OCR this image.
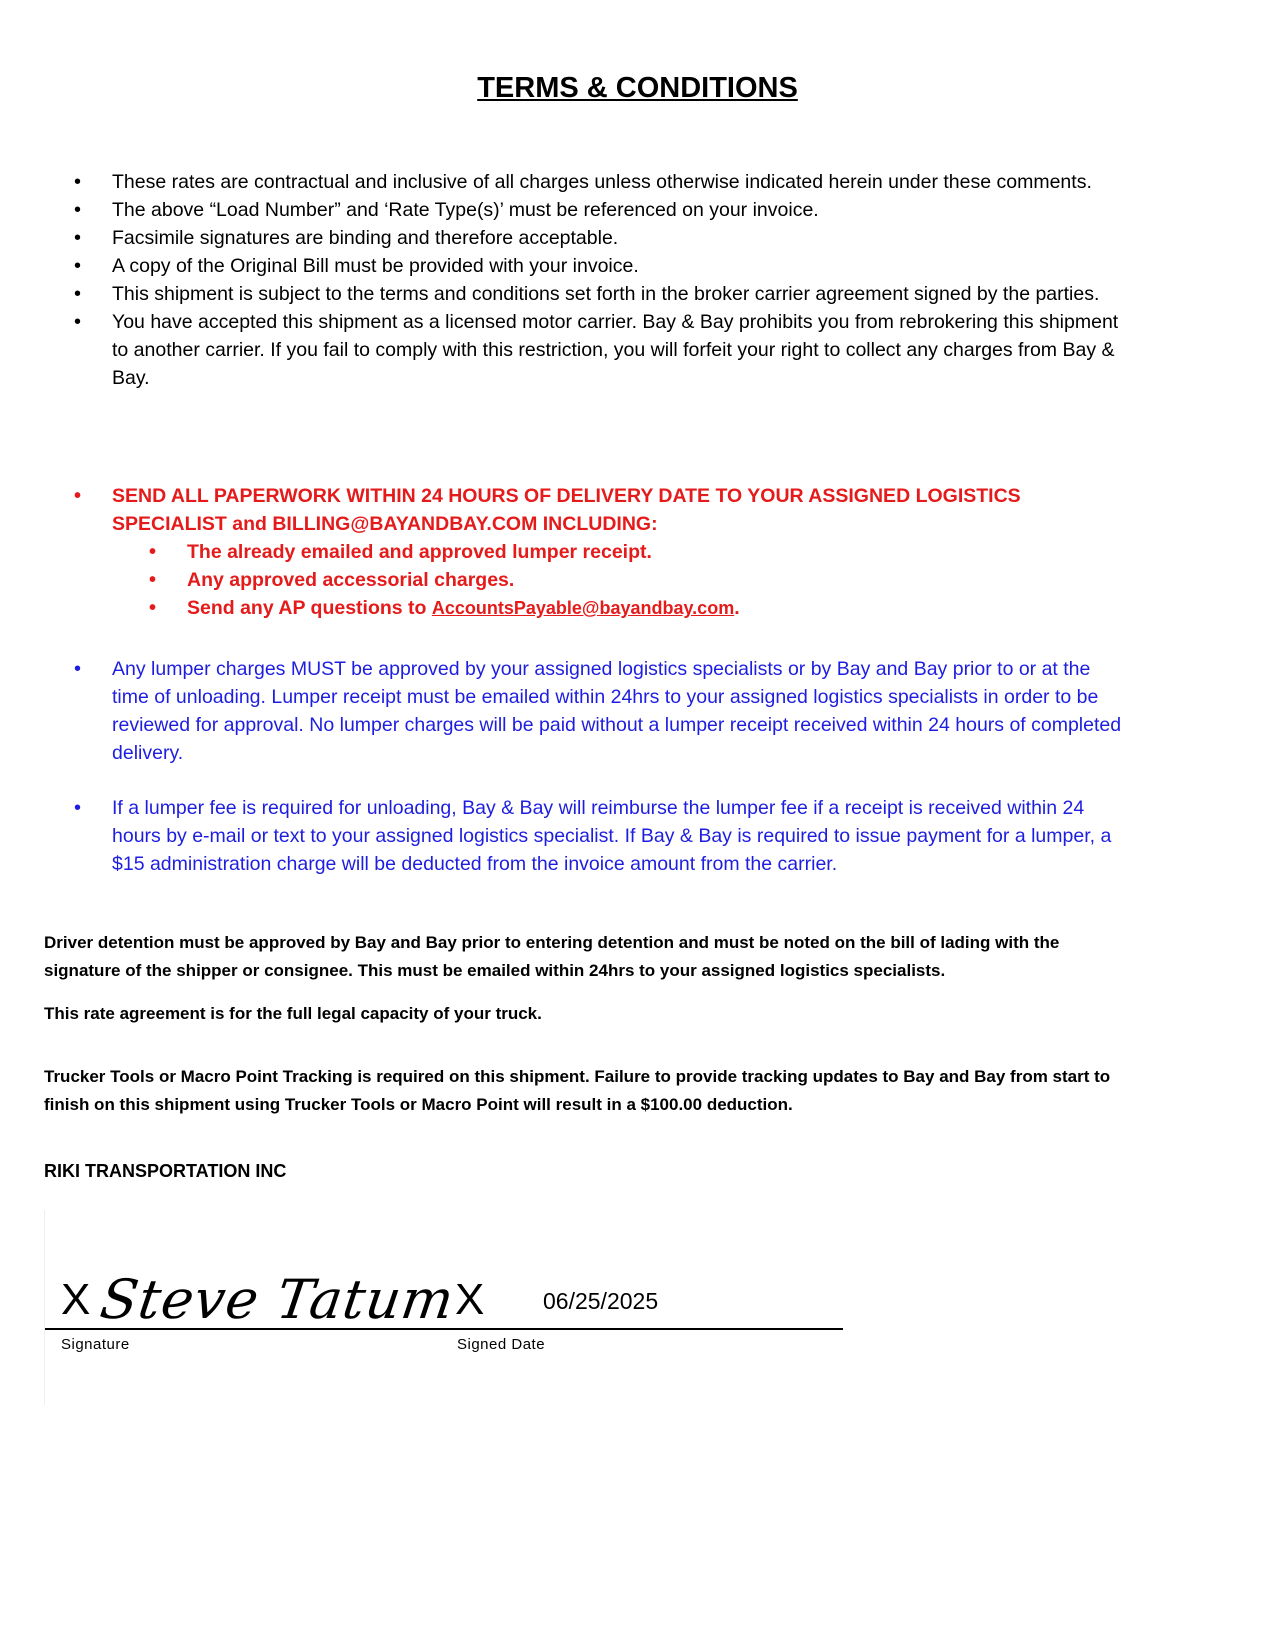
TERMS & CONDITIONS
• These rates are contractual and inclusive of all charges unless otherwise indicated herein under these comments.
• The above “Load Number” and ‘Rate Type(s)’ must be referenced on your invoice.
• Facsimile signatures are binding and therefore acceptable.
• A copy of the Original Bill must be provided with your invoice.
• This shipment is subject to the terms and conditions set forth in the broker carrier agreement signed by the parties.
• You have accepted this shipment as a licensed motor carrier. Bay & Bay prohibits you from rebrokering this shipment to another carrier. If you fail to comply with this restriction, you will forfeit your right to collect any charges from Bay & Bay.
• SEND ALL PAPERWORK WITHIN 24 HOURS OF DELIVERY DATE TO YOUR ASSIGNED LOGISTICS SPECIALIST and BILLING@BAYANDBAY.COM INCLUDING:
• The already emailed and approved lumper receipt.
• Any approved accessorial charges.
• Send any AP questions to AccountsPayable@bayandbay.com.
• Any lumper charges MUST be approved by your assigned logistics specialists or by Bay and Bay prior to or at the time of unloading. Lumper receipt must be emailed within 24hrs to your assigned logistics specialists in order to be reviewed for approval. No lumper charges will be paid without a lumper receipt received within 24 hours of completed delivery.
• If a lumper fee is required for unloading, Bay & Bay will reimburse the lumper fee if a receipt is received within 24 hours by e-mail or text to your assigned logistics specialist. If Bay & Bay is required to issue payment for a lumper, a $15 administration charge will be deducted from the invoice amount from the carrier.

Driver detention must be approved by Bay and Bay prior to entering detention and must be noted on the bill of lading with the signature of the shipper or consignee. This must be emailed within 24hrs to your assigned logistics specialists.

This rate agreement is for the full legal capacity of your truck.

Trucker Tools or Macro Point Tracking is required on this shipment. Failure to provide tracking updates to Bay and Bay from start to finish on this shipment using Trucker Tools or Macro Point will result in a $100.00 deduction.

RIKI TRANSPORTATION INC

X Steve Tatum
X	06/25/2025
Signature	Signed Date
